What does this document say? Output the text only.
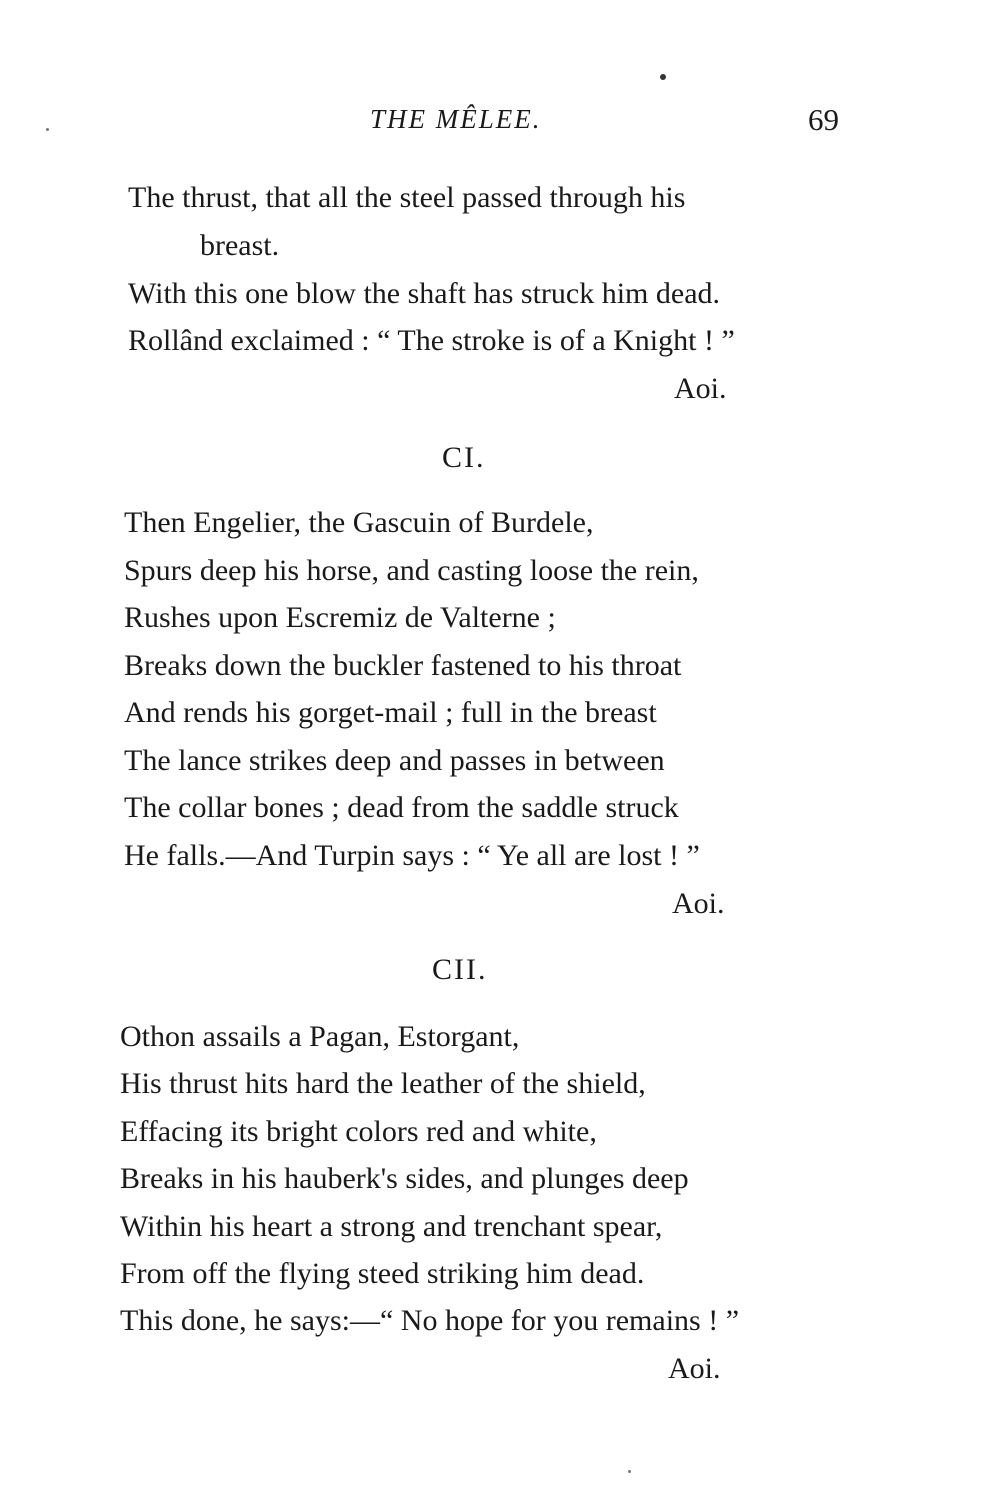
THE MÊLEE.	69
The thrust, that all the steel passed through his
breast.
With this one blow the shaft has struck him dead.
Rollând exclaimed : “ The stroke is of a Knight ! ”
Aoi.
CI.
Then Engelier, the Gascuin of Burdele,
Spurs deep his horse, and casting loose the rein,
Rushes upon Escremiz de Valterne ;
Breaks down the buckler fastened to his throat
And rends his gorget-mail ; full in the breast
The lance strikes deep and passes in between
The collar bones ; dead from the saddle struck
He falls.—And Turpin says : “ Ye all are lost ! ”
Aoi.
CII.
Othon assails a Pagan, Estorgant,
His thrust hits hard the leather of the shield,
Effacing its bright colors red and white,
Breaks in his hauberk's sides, and plunges deep
Within his heart a strong and trenchant spear,
From off the flying steed striking him dead.
This done, he says:—“ No hope for you remains ! ”
Aoi.
